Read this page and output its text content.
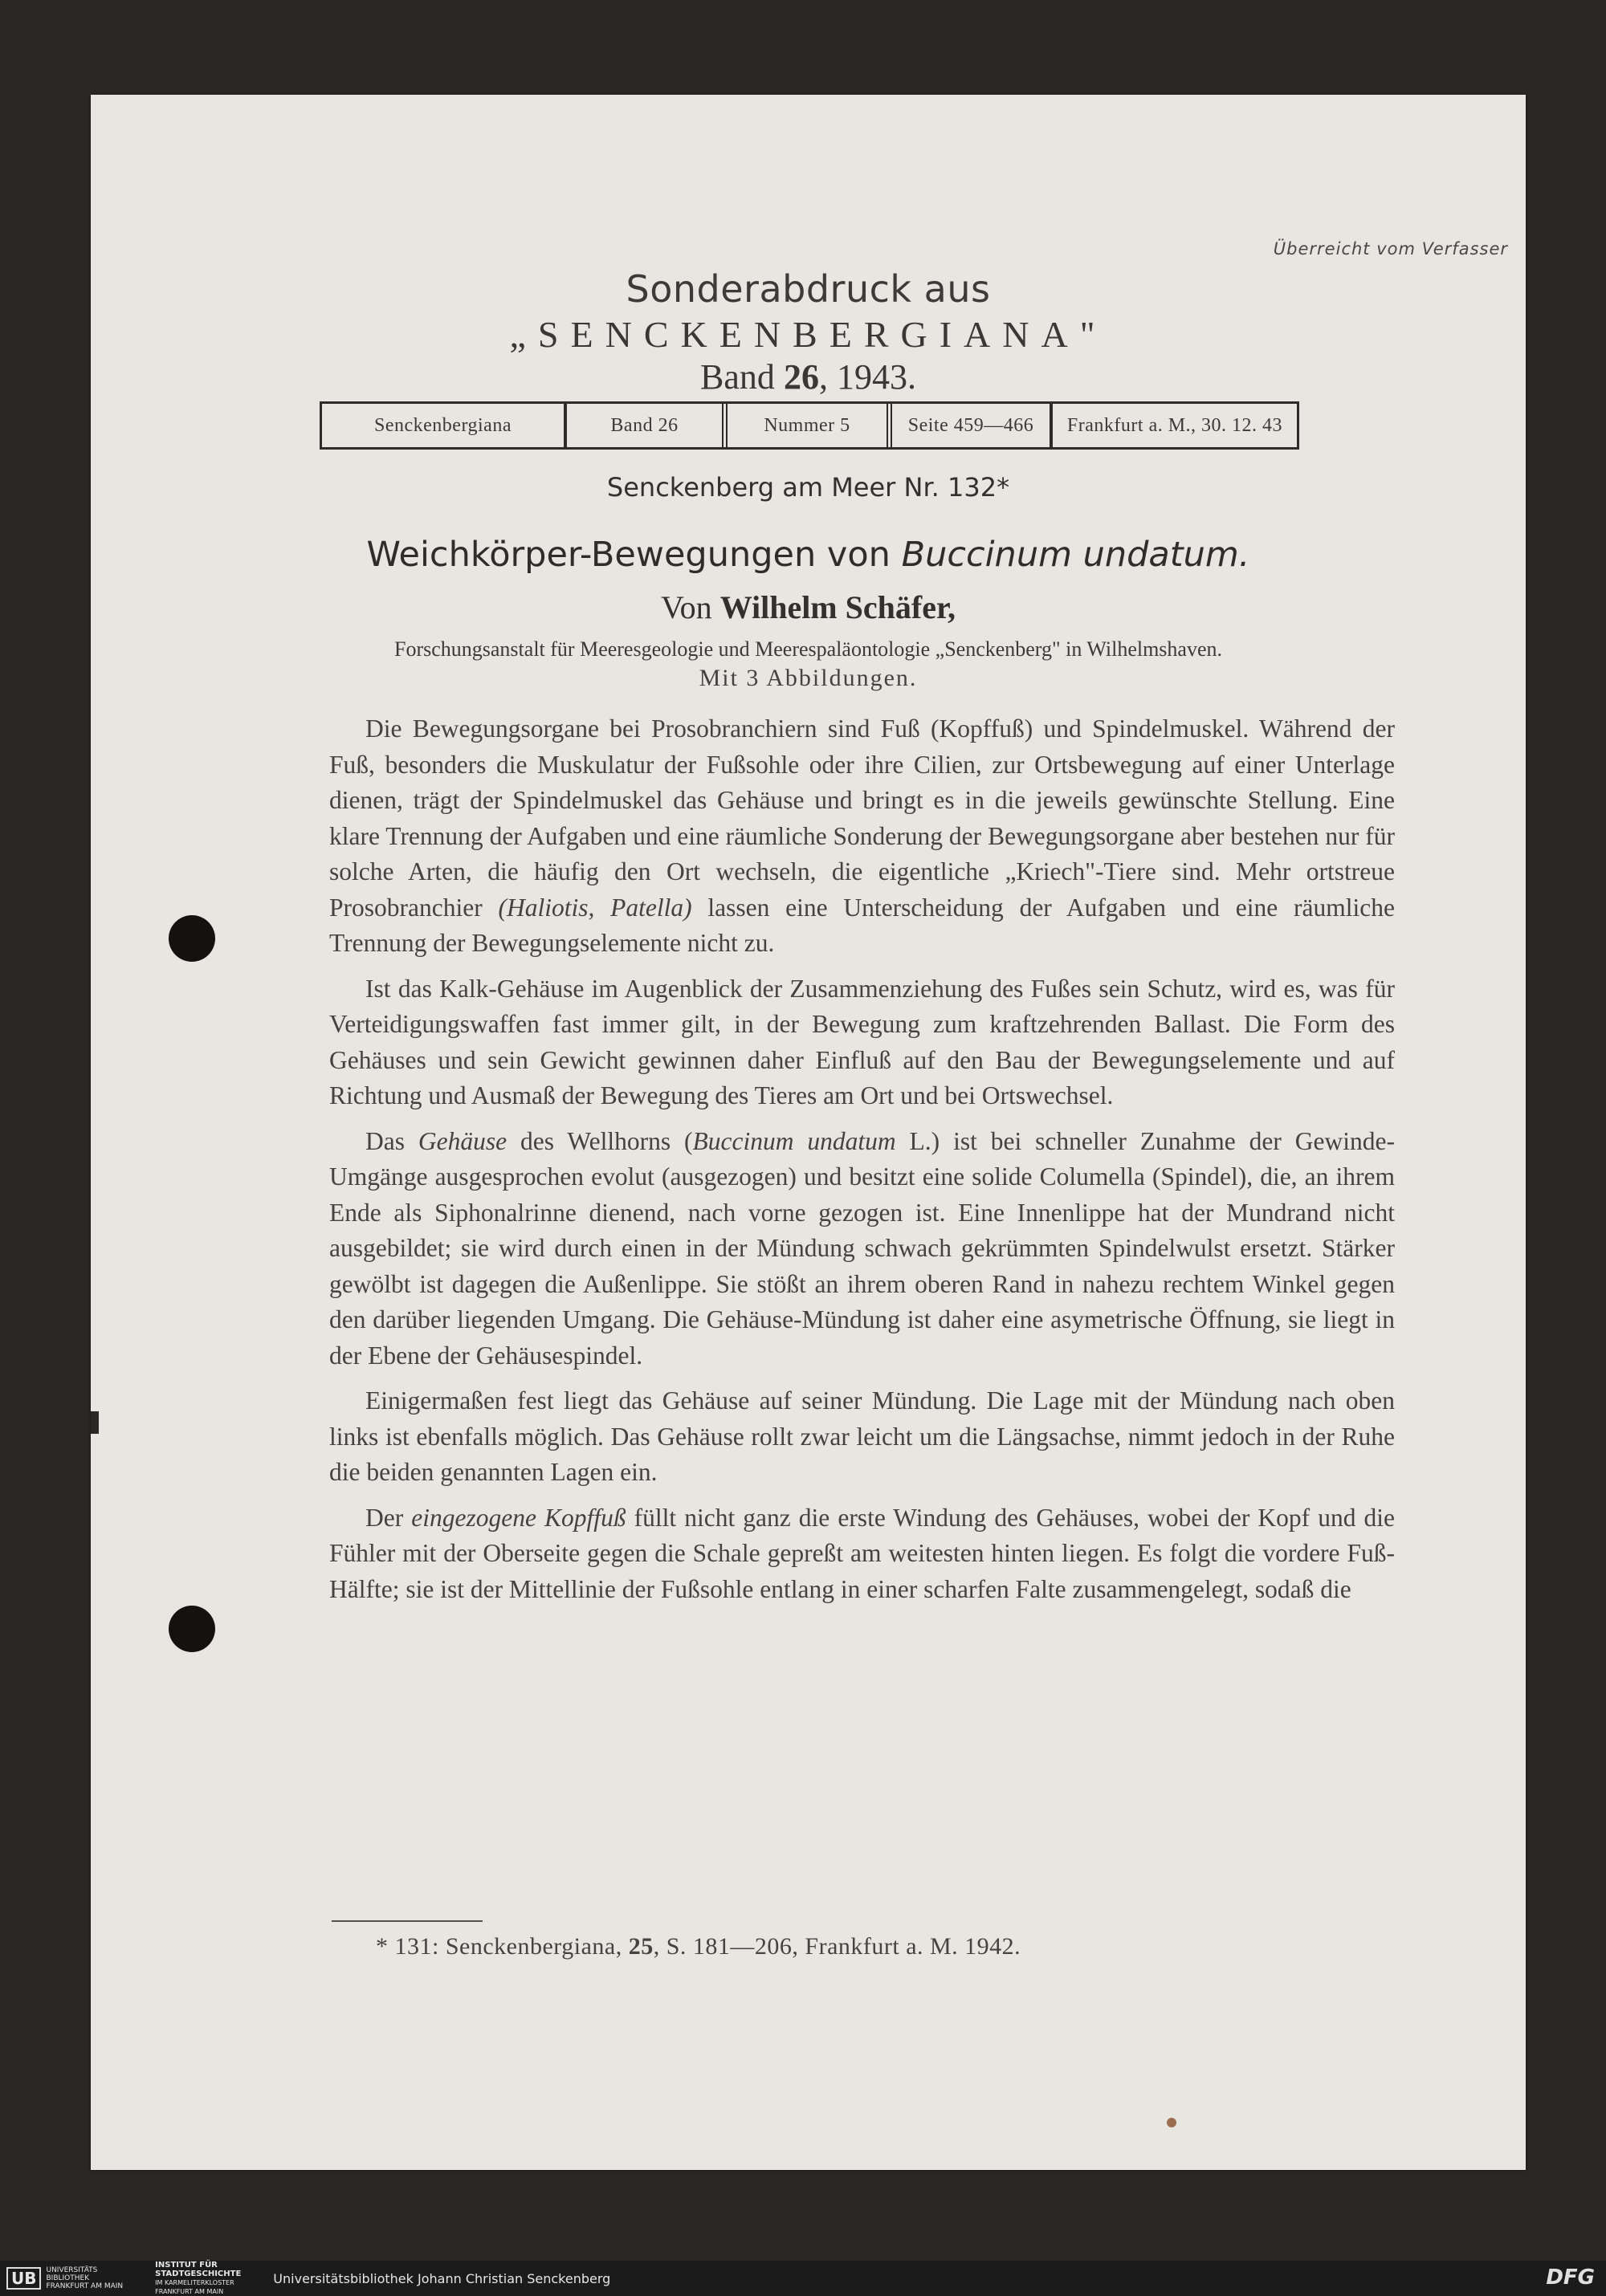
Überreicht vom Verfasser
Sonderabdruck aus
„SENCKENBERGIANA"
Band 26, 1943.
Senckenbergiana	Band 26	Nummer 5	Seite 459—466	Frankfurt a. M., 30. 12. 43
Senckenberg am Meer Nr. 132*
Weichkörper-Bewegungen von Buccinum undatum.
Von Wilhelm Schäfer,
Forschungsanstalt für Meeresgeologie und Meerespaläontologie „Senckenberg" in Wilhelmshaven.
Mit 3 Abbildungen.

Die Bewegungsorgane bei Prosobranchiern sind Fuß (Kopffuß) und Spindelmuskel. Während der Fuß, besonders die Muskulatur der Fußsohle oder ihre Cilien, zur Ortsbewegung auf einer Unterlage dienen, trägt der Spindelmuskel das Gehäuse und bringt es in die jeweils gewünschte Stellung. Eine klare Trennung der Aufgaben und eine räumliche Sonderung der Bewegungsorgane aber bestehen nur für solche Arten, die häufig den Ort wechseln, die eigentliche „Kriech"-Tiere sind. Mehr ortstreue Prosobranchier (Haliotis, Patella) lassen eine Unterscheidung der Aufgaben und eine räumliche Trennung der Bewegungselemente nicht zu.

Ist das Kalk-Gehäuse im Augenblick der Zusammenziehung des Fußes sein Schutz, wird es, was für Verteidigungswaffen fast immer gilt, in der Bewegung zum kraftzehrenden Ballast. Die Form des Gehäuses und sein Gewicht gewinnen daher Einfluß auf den Bau der Bewegungselemente und auf Richtung und Ausmaß der Bewegung des Tieres am Ort und bei Ortswechsel.

Das Gehäuse des Wellhorns (Buccinum undatum L.) ist bei schneller Zunahme der Gewinde-Umgänge ausgesprochen evolut (ausgezogen) und besitzt eine solide Columella (Spindel), die, an ihrem Ende als Siphonalrinne dienend, nach vorne gezogen ist. Eine Innenlippe hat der Mundrand nicht ausgebildet; sie wird durch einen in der Mündung schwach gekrümmten Spindelwulst ersetzt. Stärker gewölbt ist dagegen die Außenlippe. Sie stößt an ihrem oberen Rand in nahezu rechtem Winkel gegen den darüber liegenden Umgang. Die Gehäuse-Mündung ist daher eine asymetrische Öffnung, sie liegt in der Ebene der Gehäusespindel.

Einigermaßen fest liegt das Gehäuse auf seiner Mündung. Die Lage mit der Mündung nach oben links ist ebenfalls möglich. Das Gehäuse rollt zwar leicht um die Längsachse, nimmt jedoch in der Ruhe die beiden genannten Lagen ein.

Der eingezogene Kopffuß füllt nicht ganz die erste Windung des Gehäuses, wobei der Kopf und die Fühler mit der Oberseite gegen die Schale gepreßt am weitesten hinten liegen. Es folgt die vordere Fuß-Hälfte; sie ist der Mittellinie der Fußsohle entlang in einer scharfen Falte zusammengelegt, sodaß die

* 131: Senckenbergiana, 25, S. 181—206, Frankfurt a. M. 1942.
UB	UNIVERSITÄTS
BIBLIOTHEK
FRANKFURT AM MAIN
INSTITUT FÜR
STADTGESCHICHTE
IM KARMELITERKLOSTER
FRANKFURT AM MAIN
Universitätsbibliothek Johann Christian Senckenberg	DFG
